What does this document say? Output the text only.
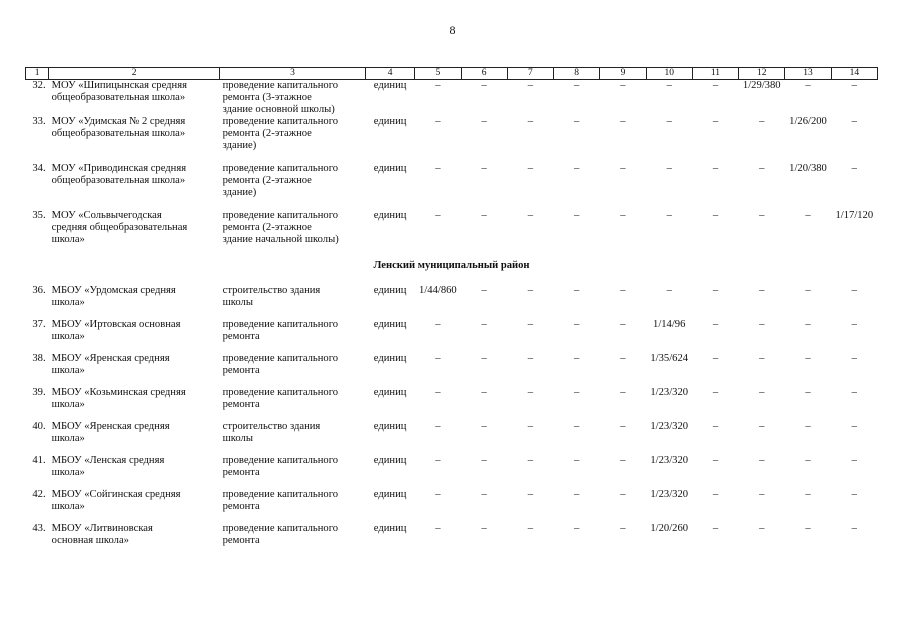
8
1	2	3	4	5	6	7	8	9	10	11	12	13	14
32.	МОУ «Шипицынская средняя
общеобразовательная школа»	проведение капитального
ремонта (3-этажное
здание основной школы)	единиц	–	–	–	–	–	–	–	1/29/380	–	–
33.	МОУ «Удимская № 2 средняя
общеобразовательная школа»	проведение капитального
ремонта (2-этажное
здание)	единиц	–	–	–	–	–	–	–	–	1/26/200	–
34.	МОУ «Приводинская средняя
общеобразовательная школа»	проведение капитального
ремонта (2-этажное
здание)	единиц	–	–	–	–	–	–	–	–	1/20/380	–
35.	МОУ «Сольвычегодская
средняя общеобразовательная
школа»	проведение капитального
ремонта (2-этажное
здание начальной школы)	единиц	–	–	–	–	–	–	–	–	–	1/17/120
Ленский муниципальный район													
36.	МБОУ «Урдомская средняя
школа»	строительство здания
школы	единиц	1/44/860	–	–	–	–	–	–	–	–	–
37.	МБОУ «Иртовская основная
школа»	проведение капитального
ремонта	единиц	–	–	–	–	–	1/14/96	–	–	–	–
38.	МБОУ «Яренская средняя
школа»	проведение капитального
ремонта	единиц	–	–	–	–	–	1/35/624	–	–	–	–
39.	МБОУ «Козьминская средняя
школа»	проведение капитального
ремонта	единиц	–	–	–	–	–	1/23/320	–	–	–	–
40.	МБОУ «Яренская средняя
школа»	строительство здания
школы	единиц	–	–	–	–	–	1/23/320	–	–	–	–
41.	МБОУ «Ленская средняя
школа»	проведение капитального
ремонта	единиц	–	–	–	–	–	1/23/320	–	–	–	–
42.	МБОУ «Сойгинская средняя
школа»	проведение капитального
ремонта	единиц	–	–	–	–	–	1/23/320	–	–	–	–
43.	МБОУ «Литвиновская
основная школа»	проведение капитального
ремонта	единиц	–	–	–	–	–	1/20/260	–	–	–	–
